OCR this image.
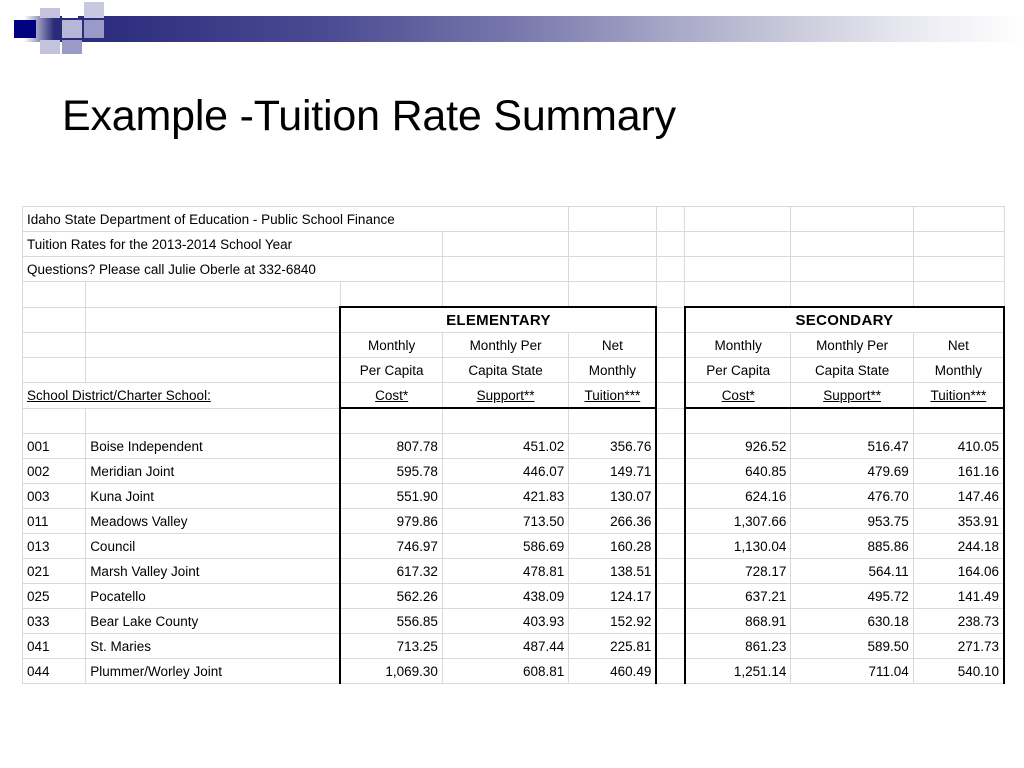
Example -Tuition Rate Summary
Idaho State Department of Education - Public School Finance								
Tuition Rates for the 2013-2014 School Year								
Questions? Please call Julie Oberle at 332-6840								

		ELEMENTARY				SECONDARY		
		Monthly	Monthly Per	Net		Monthly	Monthly Per	Net
		Per Capita	Capita State	Monthly		Per Capita	Capita State	Monthly
School District/Charter School:		Cost*	Support**	Tuition***		Cost*	Support**	Tuition***

001	Boise Independent	807.78	451.02	356.76		926.52	516.47	410.05
002	Meridian Joint	595.78	446.07	149.71		640.85	479.69	161.16
003	Kuna Joint	551.90	421.83	130.07		624.16	476.70	147.46
011	Meadows Valley	979.86	713.50	266.36		1,307.66	953.75	353.91
013	Council	746.97	586.69	160.28		1,130.04	885.86	244.18
021	Marsh Valley Joint	617.32	478.81	138.51		728.17	564.11	164.06
025	Pocatello	562.26	438.09	124.17		637.21	495.72	141.49
033	Bear Lake County	556.85	403.93	152.92		868.91	630.18	238.73
041	St. Maries	713.25	487.44	225.81		861.23	589.50	271.73
044	Plummer/Worley Joint	1,069.30	608.81	460.49		1,251.14	711.04	540.10
